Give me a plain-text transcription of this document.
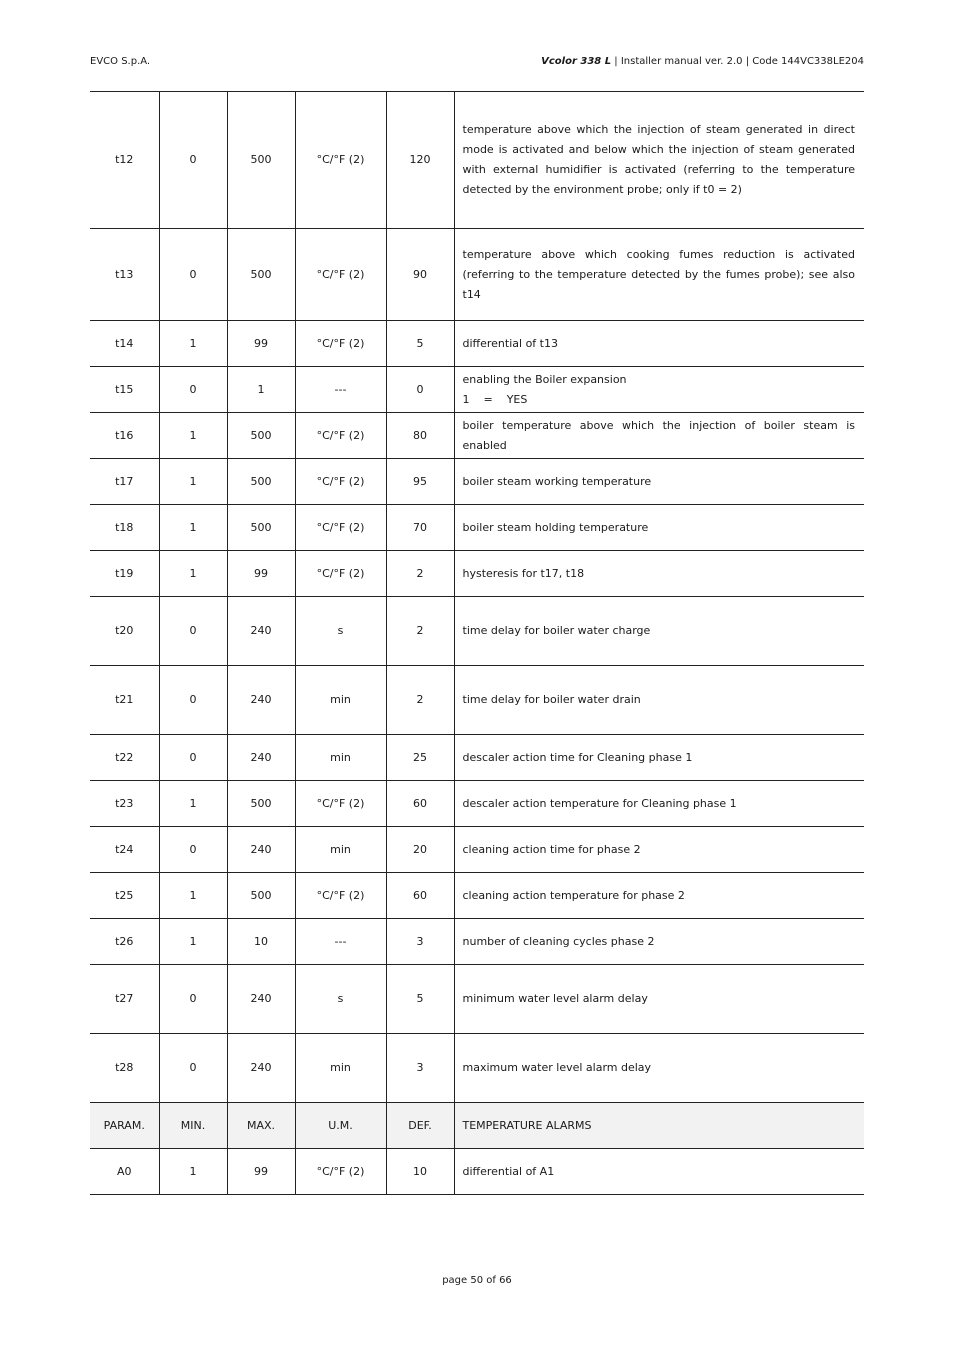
EVCO S.p.A.	Vcolor 338 L | Installer manual ver. 2.0 | Code 144VC338LE204
t12	0	500	°C/°F (2)	120	temperature above which the injection of steam generated in direct mode is activated and below which the injection of steam generated with external humidifier is activated (referring to the temperature detected by the environment probe; only if t0 = 2)
t13	0	500	°C/°F (2)	90	temperature above which cooking fumes reduction is activated (referring to the temperature detected by the fumes probe); see also t14
t14	1	99	°C/°F (2)	5	differential of t13
t15	0	1	---	0	enabling the Boiler expansion
1    =    YES

t16	1	500	°C/°F (2)	80	boiler temperature above which the injection of boiler steam is enabled
t17	1	500	°C/°F (2)	95	boiler steam working temperature
t18	1	500	°C/°F (2)	70	boiler steam holding temperature
t19	1	99	°C/°F (2)	2	hysteresis for t17, t18
t20	0	240	s	2	time delay for boiler water charge
t21	0	240	min	2	time delay for boiler water drain
t22	0	240	min	25	descaler action time for Cleaning phase 1
t23	1	500	°C/°F (2)	60	descaler action temperature for Cleaning phase 1
t24	0	240	min	20	cleaning action time for phase 2
t25	1	500	°C/°F (2)	60	cleaning action temperature for phase 2
t26	1	10	---	3	number of cleaning cycles phase 2
t27	0	240	s	5	minimum water level alarm delay
t28	0	240	min	3	maximum water level alarm delay
PARAM.	MIN.	MAX.	U.M.	DEF.	TEMPERATURE ALARMS
A0	1	99	°C/°F (2)	10	differential of A1
page 50 of 66
